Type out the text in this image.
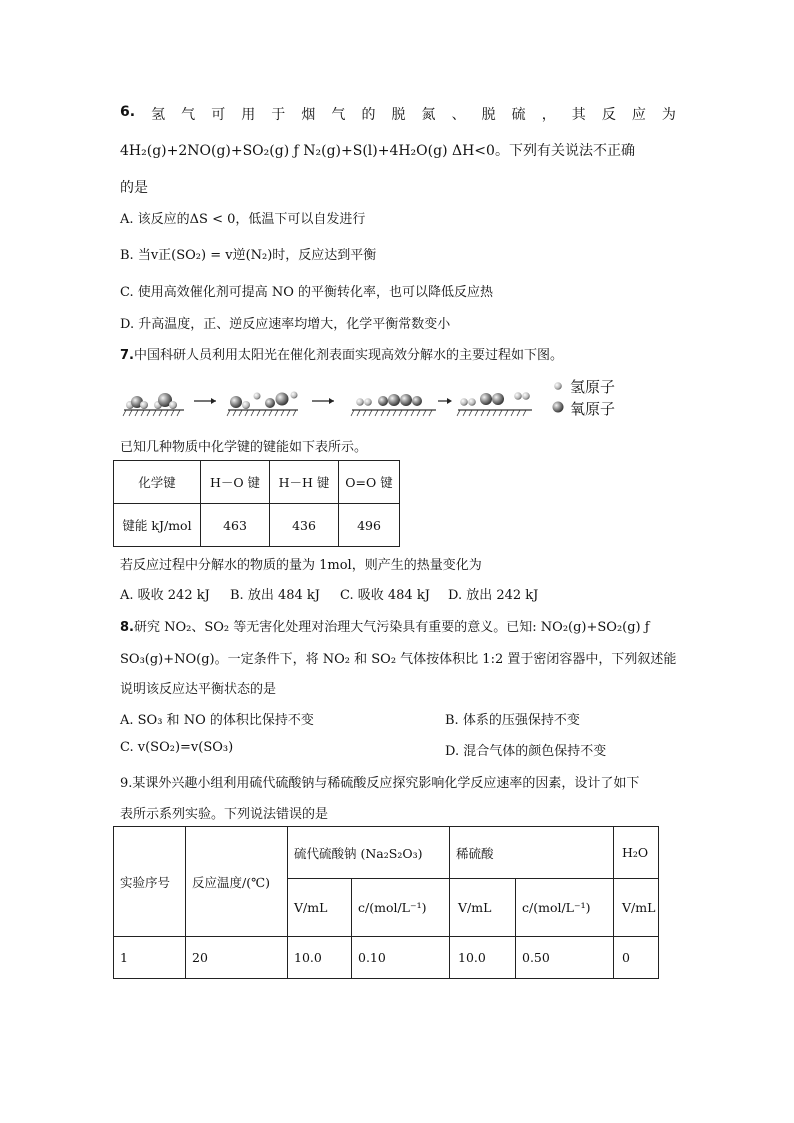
6. 氢 气 可 用 于 烟 气 的 脱 氮 、 脱 硫 ， 其 反 应 为
4H₂(g)+2NO(g)+SO₂(g) ƒ N₂(g)+S(l)+4H₂O(g) ΔH<0。下列有关说法不正确
的是
A. 该反应的ΔS < 0，低温下可以自发进行
B. 当v正(SO₂) = v逆(N₂)时，反应达到平衡
C. 使用高效催化剂可提高 NO 的平衡转化率，也可以降低反应热
D. 升高温度，正、逆反应速率均增大，化学平衡常数变小
7.中国科研人员利用太阳光在催化剂表面实现高效分解水的主要过程如下图。
氢原子
氧原子
已知几种物质中化学键的键能如下表所示。
化学键	H－O 键	H－H 键	O=O 键
键能 kJ/mol	463	436	496
若反应过程中分解水的物质的量为 1mol，则产生的热量变化为
A. 吸收 242 kJ B. 放出 484 kJ C. 吸收 484 kJ D. 放出 242 kJ
8.研究 NO₂、SO₂ 等无害化处理对治理大气污染具有重要的意义。已知: NO₂(g)+SO₂(g) ƒ
SO₃(g)+NO(g)。一定条件下，将 NO₂ 和 SO₂ 气体按体积比 1:2 置于密闭容器中，下列叙述能
说明该反应达平衡状态的是
A. SO₃ 和 NO 的体积比保持不变	B. 体系的压强保持不变
C. v(SO₂)=v(SO₃)	D. 混合气体的颜色保持不变
9.某课外兴趣小组利用硫代硫酸钠与稀硫酸反应探究影响化学反应速率的因素，设计了如下
表所示系列实验。下列说法错误的是
实验序号	反应温度/(℃)	硫代硫酸钠 (Na₂S₂O₃)		稀硫酸		H₂O
		V/mL	c/(mol/L⁻¹)	V/mL	c/(mol/L⁻¹)	V/mL
1	20	10.0	0.10	10.0	0.50	0
